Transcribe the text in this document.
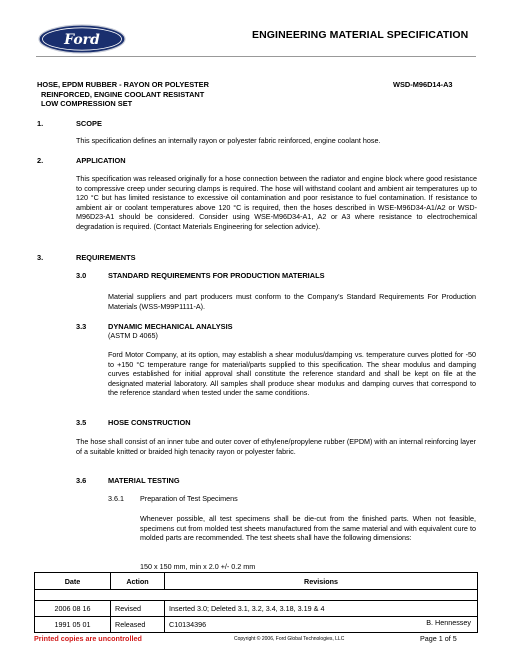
Ford	ENGINEERING MATERIAL SPECIFICATION
HOSE, EPDM RUBBER - RAYON OR POLYESTER
REINFORCED, ENGINE COOLANT RESISTANT
LOW COMPRESSION SET
WSD-M96D14-A3
1.	SCOPE
This specification defines an internally rayon or polyester fabric reinforced, engine coolant hose.
2.	APPLICATION
This specification was released originally for a hose connection between the radiator and engine block where good resistance to compressive creep under securing clamps is required. The hose will withstand coolant and ambient air temperatures up to 120 °C but has limited resistance to excessive oil contamination and poor resistance to fuel contamination. If resistance to ambient air or coolant temperatures above 120 °C is required, then the hoses described in WSE-M96D34-A1/A2 or WSD-M96D23-A1 should be considered. Consider using WSE-M96D34-A1, A2 or A3 where resistance to electrochemical degradation is required. (Contact Materials Engineering for selection advice).
3.	REQUIREMENTS
3.0	STANDARD REQUIREMENTS FOR PRODUCTION MATERIALS
Material suppliers and part producers must conform to the Company's Standard Requirements For Production Materials (WSS-M99P1111-A).
3.3	DYNAMIC MECHANICAL ANALYSIS
(ASTM D 4065)
Ford Motor Company, at its option, may establish a shear modulus/damping vs. temperature curves plotted for -50 to +150 °C temperature range for material/parts supplied to this specification. The shear modulus and damping curves established for initial approval shall constitute the reference standard and shall be kept on file at the designated material laboratory. All samples shall produce shear modulus and damping curves that correspond to the reference standard when tested under the same conditions.
3.5	HOSE CONSTRUCTION
The hose shall consist of an inner tube and outer cover of ethylene/propylene rubber (EPDM) with an internal reinforcing layer of a suitable knitted or braided high tenacity rayon or polyester fabric.
3.6	MATERIAL TESTING
3.6.1 Preparation of Test Specimens
Whenever possible, all test specimens shall be die-cut from the finished parts. When not feasible, specimens cut from molded test sheets manufactured from the same material and with equivalent cure to molded parts are recommended. The test sheets shall have the following dimensions:
150 x 150 mm, min x 2.0 +/- 0.2 mm
Date	Action	Revisions

2006 08 16	Revised	Inserted 3.0; Deleted 3.1, 3.2, 3.4, 3.18, 3.19 & 4

1991 05 01	Released	C10134396 B. Hennessey
Printed copies are uncontrolled	Copyright © 2006, Ford Global Technologies, LLC	Page 1 of 5
